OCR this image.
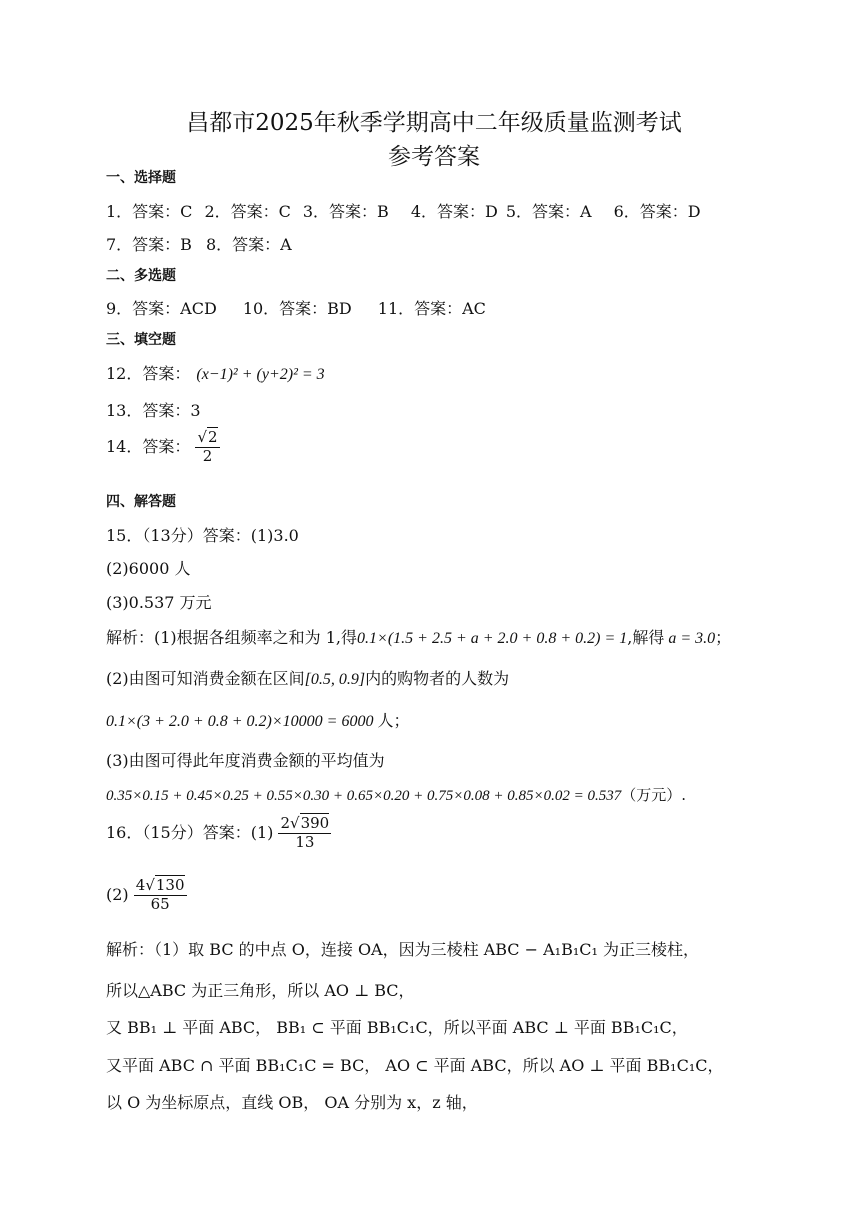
昌都市2025年秋季学期高中二年级质量监测考试
参考答案
一、选择题
1．答案：C 2．答案：C 3．答案：B 4．答案：D 5．答案：A 6．答案：D
7．答案：B 8．答案：A
二、多选题
9．答案：ACD 10．答案：BD 11．答案：AC
三、填空题
12．答案： (x−1)² + (y+2)² = 3
13．答案：3
14．答案： $\frac{√2}{2}$
四、解答题
15．（13分）答案：(1)3.0
(2)6000 人
(3)0.537 万元
解析：(1)根据各组频率之和为 1,得0.1×(1.5 + 2.5 + a + 2.0 + 0.8 + 0.2) = 1,解得 a = 3.0；
(2)由图可知消费金额在区间[0.5, 0.9]内的购物者的人数为
0.1×(3 + 2.0 + 0.8 + 0.2)×10000 = 6000 人；
(3)由图可得此年度消费金额的平均值为
0.35×0.15 + 0.45×0.25 + 0.55×0.30 + 0.65×0.20 + 0.75×0.08 + 0.85×0.02 = 0.537（万元）.
16．（15分）答案：$(1) \frac{2√390}{13}$
$(2) \frac{4√130}{65}$
解析：（1）取 BC 的中点 O，连接 OA，因为三棱柱 ABC − A₁B₁C₁ 为正三棱柱，
所以△ABC 为正三角形，所以 AO ⊥ BC，
又 BB₁ ⊥ 平面 ABC， BB₁ ⊂ 平面 BB₁C₁C，所以平面 ABC ⊥ 平面 BB₁C₁C，
又平面 ABC ∩ 平面 BB₁C₁C = BC， AO ⊂ 平面 ABC，所以 AO ⊥ 平面 BB₁C₁C，
以 O 为坐标原点，直线 OB， OA 分别为 x，z 轴，
